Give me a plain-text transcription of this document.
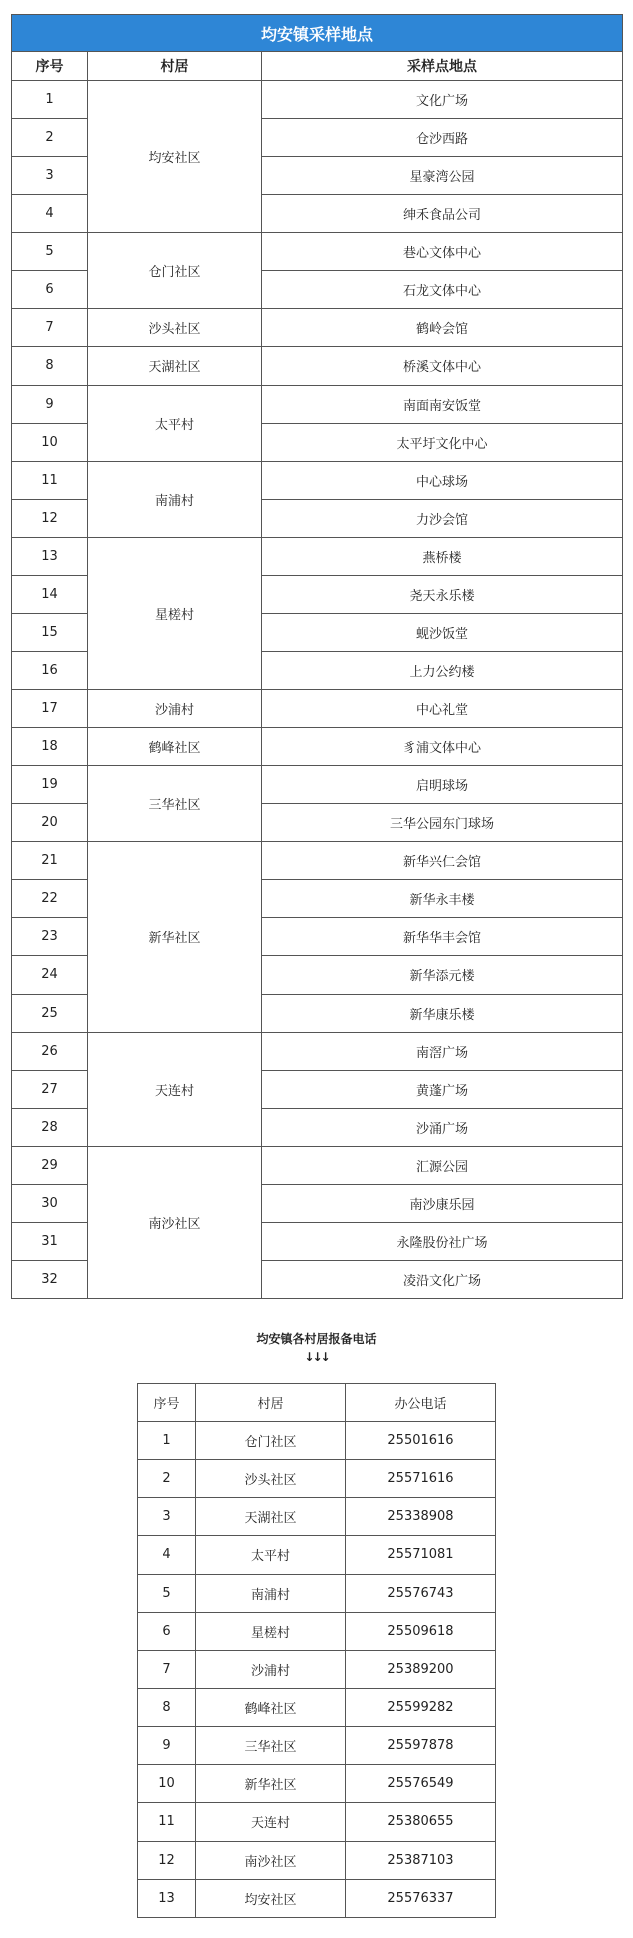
均安镇采样地点		
序号	村居	采样点地点
1	均安社区	文化广场
2		仓沙西路
3		星豪湾公园
4		绅禾食品公司
5	仓门社区	巷心文体中心
6		石龙文体中心
7	沙头社区	鹤岭会馆
8	天湖社区	桥溪文体中心
9	太平村	南面南安饭堂
10		太平圩文化中心
11	南浦村	中心球场
12		力沙会馆
13	星槎村	燕桥楼
14		尧天永乐楼
15		蚬沙饭堂
16		上力公约楼
17	沙浦村	中心礼堂
18	鹤峰社区	豸浦文体中心
19	三华社区	启明球场
20		三华公园东门球场
21	新华社区	新华兴仁会馆
22		新华永丰楼
23		新华华丰会馆
24		新华添元楼
25		新华康乐楼
26	天连村	南滘广场
27		黄蓬广场
28		沙涌广场
29	南沙社区	汇源公园
30		南沙康乐园
31		永隆股份社广场
32		凌沿文化广场
均安镇各村居报备电话
↓↓↓
序号	村居	办公电话
1	仓门社区	25501616
2	沙头社区	25571616
3	天湖社区	25338908
4	太平村	25571081
5	南浦村	25576743
6	星槎村	25509618
7	沙浦村	25389200
8	鹤峰社区	25599282
9	三华社区	25597878
10	新华社区	25576549
11	天连村	25380655
12	南沙社区	25387103
13	均安社区	25576337
